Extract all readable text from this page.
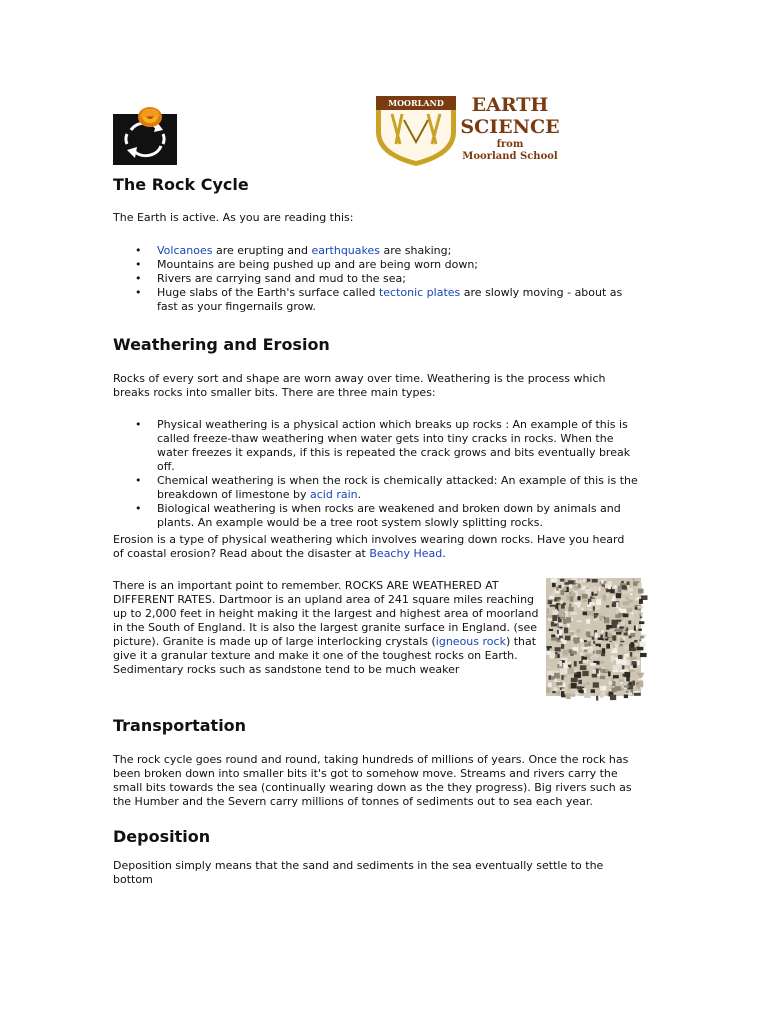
MOORLAND	EARTH
SCIENCE
from
Moorland School
The Rock Cycle
The Earth is active. As you are reading this:
• Volcanoes are erupting and earthquakes are shaking;
• Mountains are being pushed up and are being worn down;
• Rivers are carrying sand and mud to the sea;
• Huge slabs of the Earth's surface called tectonic plates are slowly moving - about as fast as your fingernails grow.
Weathering and Erosion
Rocks of every sort and shape are worn away over time. Weathering is the process which breaks rocks into smaller bits. There are three main types:
• Physical weathering is a physical action which breaks up rocks : An example of this is called freeze-thaw weathering when water gets into tiny cracks in rocks. When the water freezes it expands, if this is repeated the crack grows and bits eventually break off.
• Chemical weathering is when the rock is chemically attacked: An example of this is the breakdown of limestone by acid rain.
• Biological weathering is when rocks are weakened and broken down by animals and plants. An example would be a tree root system slowly splitting rocks.
Erosion is a type of physical weathering which involves wearing down rocks. Have you heard of coastal erosion? Read about the disaster at Beachy Head.
There is an important point to remember. ROCKS ARE WEATHERED AT DIFFERENT RATES. Dartmoor is an upland area of 241 square miles reaching up to 2,000 feet in height making it the largest and highest area of moorland in the South of England. It is also the largest granite surface in England. (see picture). Granite is made up of large interlocking crystals (igneous rock) that give it a granular texture and make it one of the toughest rocks on Earth. Sedimentary rocks such as sandstone tend to be much weaker
Transportation
The rock cycle goes round and round, taking hundreds of millions of years. Once the rock has been broken down into smaller bits it's got to somehow move. Streams and rivers carry the small bits towards the sea (continually wearing down as the they progress). Big rivers such as the Humber and the Severn carry millions of tonnes of sediments out to sea each year.
Deposition
Deposition simply means that the sand and sediments in the sea eventually settle to the bottom
